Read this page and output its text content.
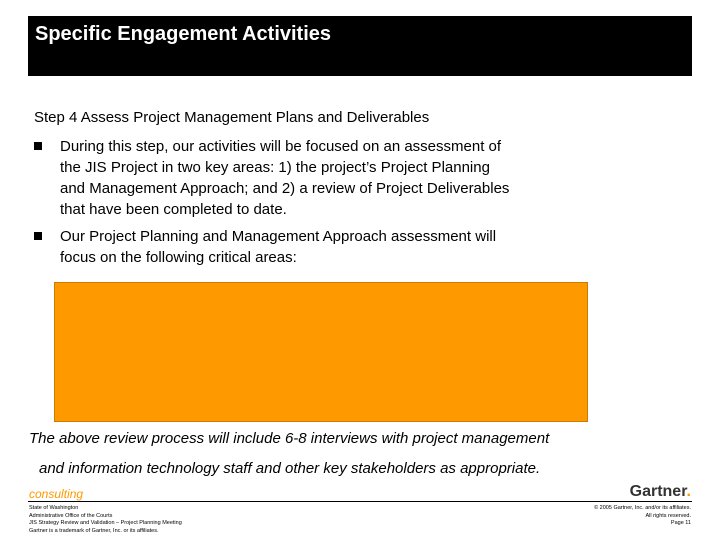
Specific Engagement Activities
Step 4 Assess Project Management Plans and Deliverables
During this step, our activities will be focused on an assessment of
the JIS Project in two key areas: 1) the project’s Project Planning
and Management Approach; and 2) a review of Project Deliverables
that have been completed to date.
Our Project Planning and Management Approach assessment will
focus on the following critical areas:
The above review process will include 6‑8 interviews with project management
and information technology staff and other key stakeholders as appropriate.
consulting	Gartner.
State of Washington
Administrative Office of the Courts
JIS Strategy Review and Validation – Project Planning Meeting
Gartner is a trademark of Gartner, Inc. or its affiliates.
© 2005 Gartner, Inc. and/or its affiliates.
All rights reserved.
Page 11
